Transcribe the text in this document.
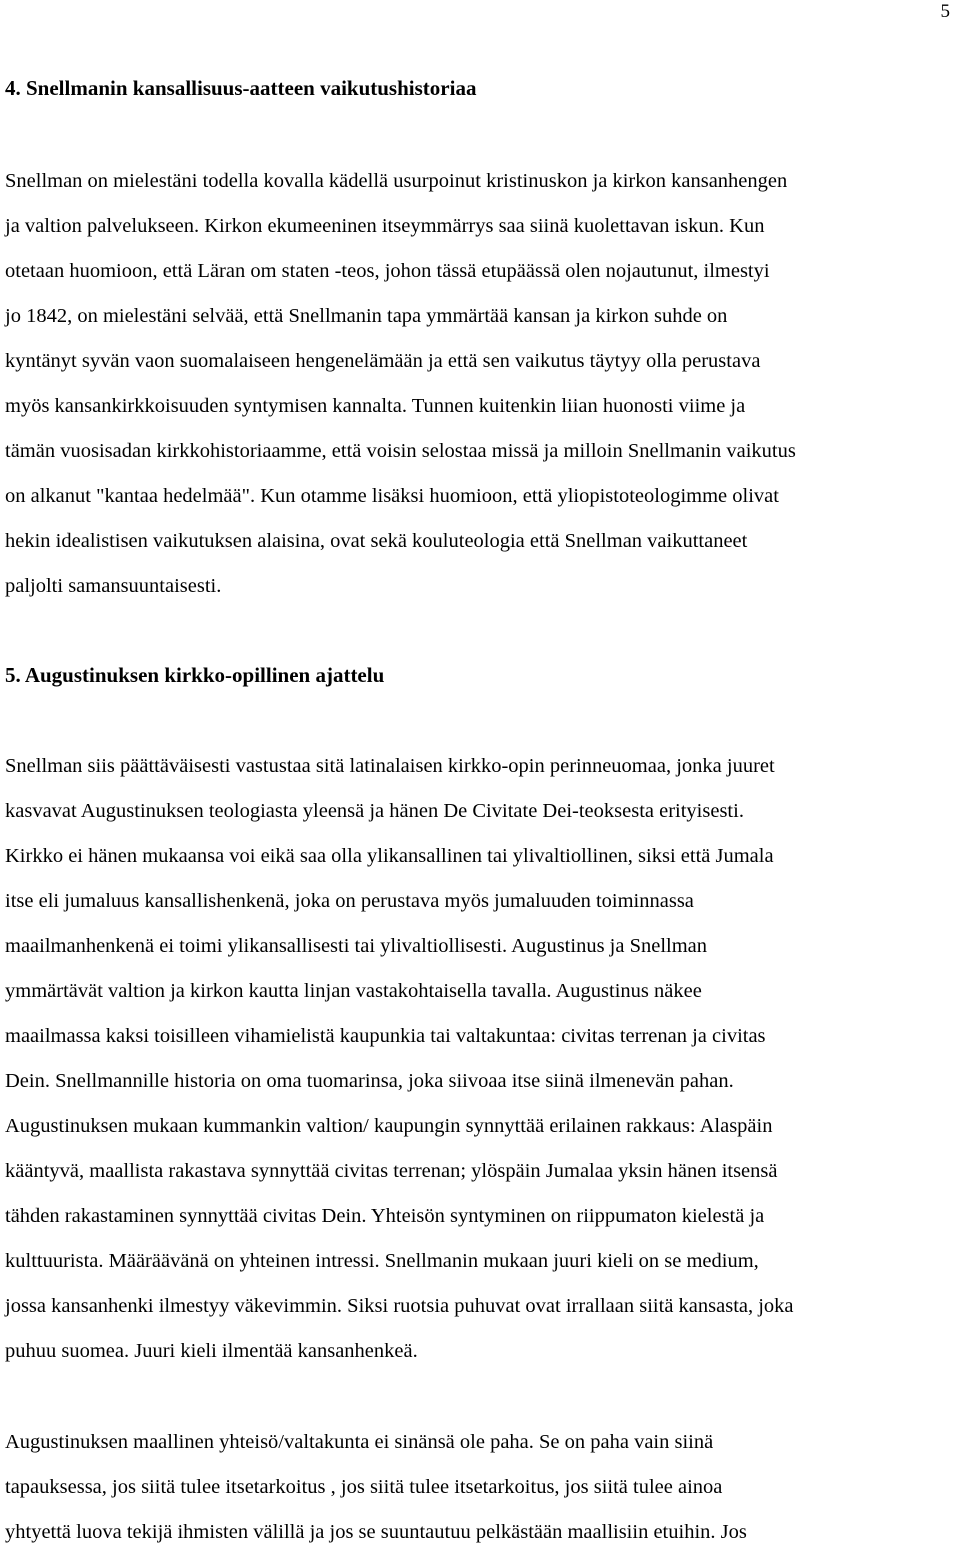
5
4. Snellmanin kansallisuus-aatteen vaikutushistoriaa
Snellman on mielestäni todella kovalla kädellä usurpoinut kristinuskon ja kirkon kansanhengen
ja valtion palvelukseen. Kirkon ekumeeninen itseymmärrys saa siinä kuolettavan iskun. Kun
otetaan huomioon, että Läran om staten -teos, johon tässä etupäässä olen nojautunut, ilmestyi
jo 1842, on mielestäni selvää, että Snellmanin tapa ymmärtää kansan ja kirkon suhde on
kyntänyt syvän vaon suomalaiseen hengenelämään ja että sen vaikutus täytyy olla perustava
myös kansankirkkoisuuden syntymisen kannalta. Tunnen kuitenkin liian huonosti viime ja
tämän vuosisadan kirkkohistoriaamme, että voisin selostaa missä ja milloin Snellmanin vaikutus
on alkanut "kantaa hedelmää". Kun otamme lisäksi huomioon, että yliopistoteologimme olivat
hekin idealistisen vaikutuksen alaisina, ovat sekä kouluteologia että Snellman vaikuttaneet
paljolti samansuuntaisesti.
5. Augustinuksen kirkko-opillinen ajattelu
Snellman siis päättäväisesti vastustaa sitä latinalaisen kirkko-opin perinneuomaa, jonka juuret
kasvavat Augustinuksen teologiasta yleensä ja hänen De Civitate Dei-teoksesta erityisesti.
Kirkko ei hänen mukaansa voi eikä saa olla ylikansallinen tai ylivaltiollinen, siksi että Jumala
itse eli jumaluus kansallishenkenä, joka on perustava myös jumaluuden toiminnassa
maailmanhenkenä ei toimi ylikansallisesti tai ylivaltiollisesti. Augustinus ja Snellman
ymmärtävät valtion ja kirkon kautta linjan vastakohtaisella tavalla. Augustinus näkee
maailmassa kaksi toisilleen vihamielistä kaupunkia tai valtakuntaa: civitas terrenan ja civitas
Dein. Snellmannille historia on oma tuomarinsa, joka siivoaa itse siinä ilmenevän pahan.
Augustinuksen mukaan kummankin valtion/ kaupungin synnyttää erilainen rakkaus: Alaspäin
kääntyvä, maallista rakastava synnyttää civitas terrenan; ylöspäin Jumalaa yksin hänen itsensä
tähden rakastaminen synnyttää civitas Dein. Yhteisön syntyminen on riippumaton kielestä ja
kulttuurista. Määräävänä on yhteinen intressi. Snellmanin mukaan juuri kieli on se medium,
jossa kansanhenki ilmestyy väkevimmin. Siksi ruotsia puhuvat ovat irrallaan siitä kansasta, joka
puhuu suomea. Juuri kieli ilmentää kansanhenkeä.
Augustinuksen maallinen yhteisö/valtakunta ei sinänsä ole paha. Se on paha vain siinä
tapauksessa, jos siitä tulee itsetarkoitus , jos siitä tulee itsetarkoitus, jos siitä tulee ainoa
yhtyettä luova tekijä ihmisten välillä ja jos se suuntautuu pelkästään maallisiin etuihin. Jos
